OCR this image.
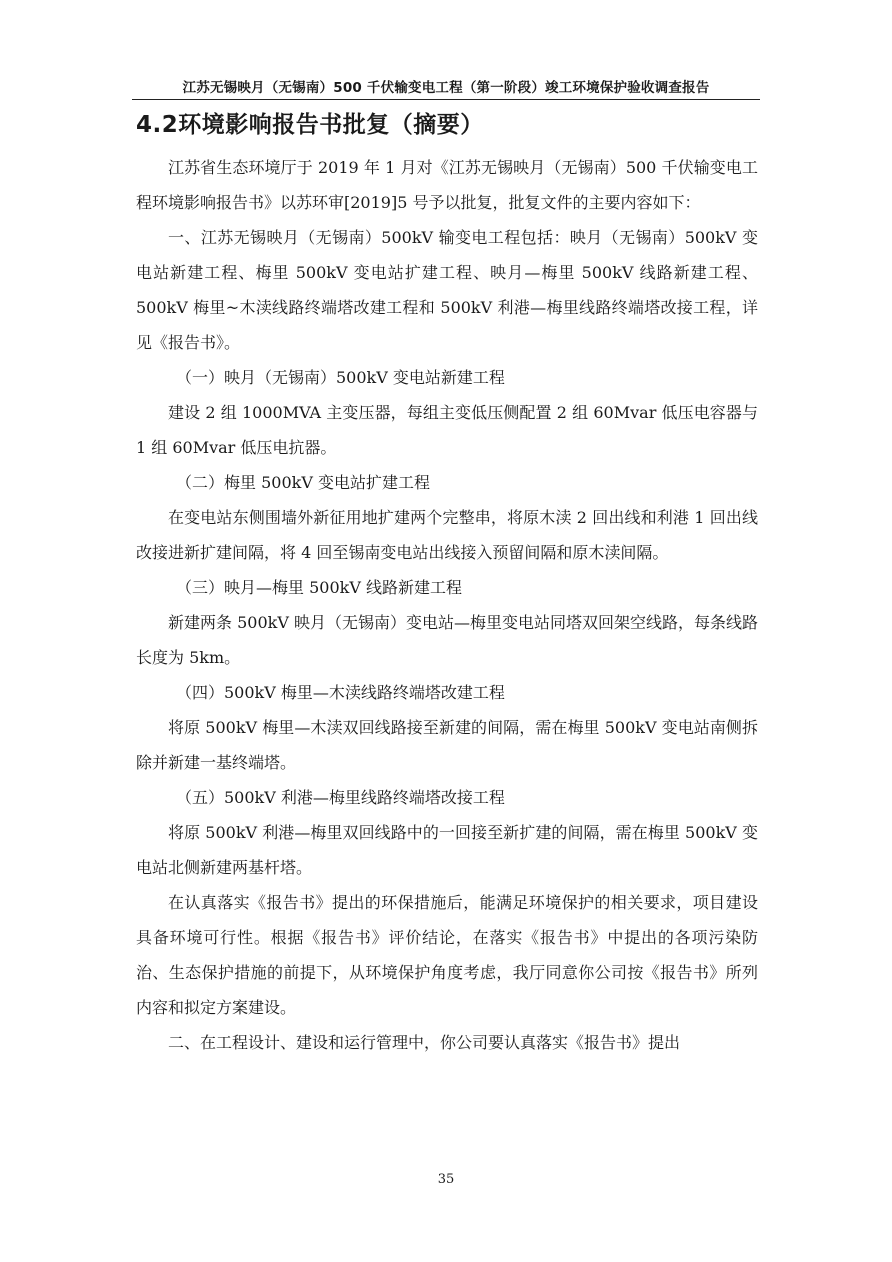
江苏无锡映月（无锡南）500 千伏输变电工程（第一阶段）竣工环境保护验收调查报告
4.2环境影响报告书批复（摘要）

江苏省生态环境厅于 2019 年 1 月对《江苏无锡映月（无锡南）500 千伏输变电工程环境影响报告书》以苏环审[2019]5 号予以批复，批复文件的主要内容如下：

一、江苏无锡映月（无锡南）500kV 输变电工程包括：映月（无锡南）500kV 变电站新建工程、梅里 500kV 变电站扩建工程、映月—梅里 500kV 线路新建工程、500kV 梅里~木渎线路终端塔改建工程和 500kV 利港—梅里线路终端塔改接工程，详见《报告书》。

（一）映月（无锡南）500kV 变电站新建工程

建设 2 组 1000MVA 主变压器，每组主变低压侧配置 2 组 60Mvar 低压电容器与 1 组 60Mvar 低压电抗器。

（二）梅里 500kV 变电站扩建工程

在变电站东侧围墙外新征用地扩建两个完整串，将原木渎 2 回出线和利港 1 回出线改接进新扩建间隔，将 4 回至锡南变电站出线接入预留间隔和原木渎间隔。

（三）映月—梅里 500kV 线路新建工程

新建两条 500kV 映月（无锡南）变电站—梅里变电站同塔双回架空线路，每条线路长度为 5km。

（四）500kV 梅里—木渎线路终端塔改建工程

将原 500kV 梅里—木渎双回线路接至新建的间隔，需在梅里 500kV 变电站南侧拆除并新建一基终端塔。

（五）500kV 利港—梅里线路终端塔改接工程

将原 500kV 利港—梅里双回线路中的一回接至新扩建的间隔，需在梅里 500kV 变电站北侧新建两基杆塔。

在认真落实《报告书》提出的环保措施后，能满足环境保护的相关要求，项目建设具备环境可行性。根据《报告书》评价结论，在落实《报告书》中提出的各项污染防治、生态保护措施的前提下，从环境保护角度考虑，我厅同意你公司按《报告书》所列内容和拟定方案建设。

二、在工程设计、建设和运行管理中，你公司要认真落实《报告书》提出

35
